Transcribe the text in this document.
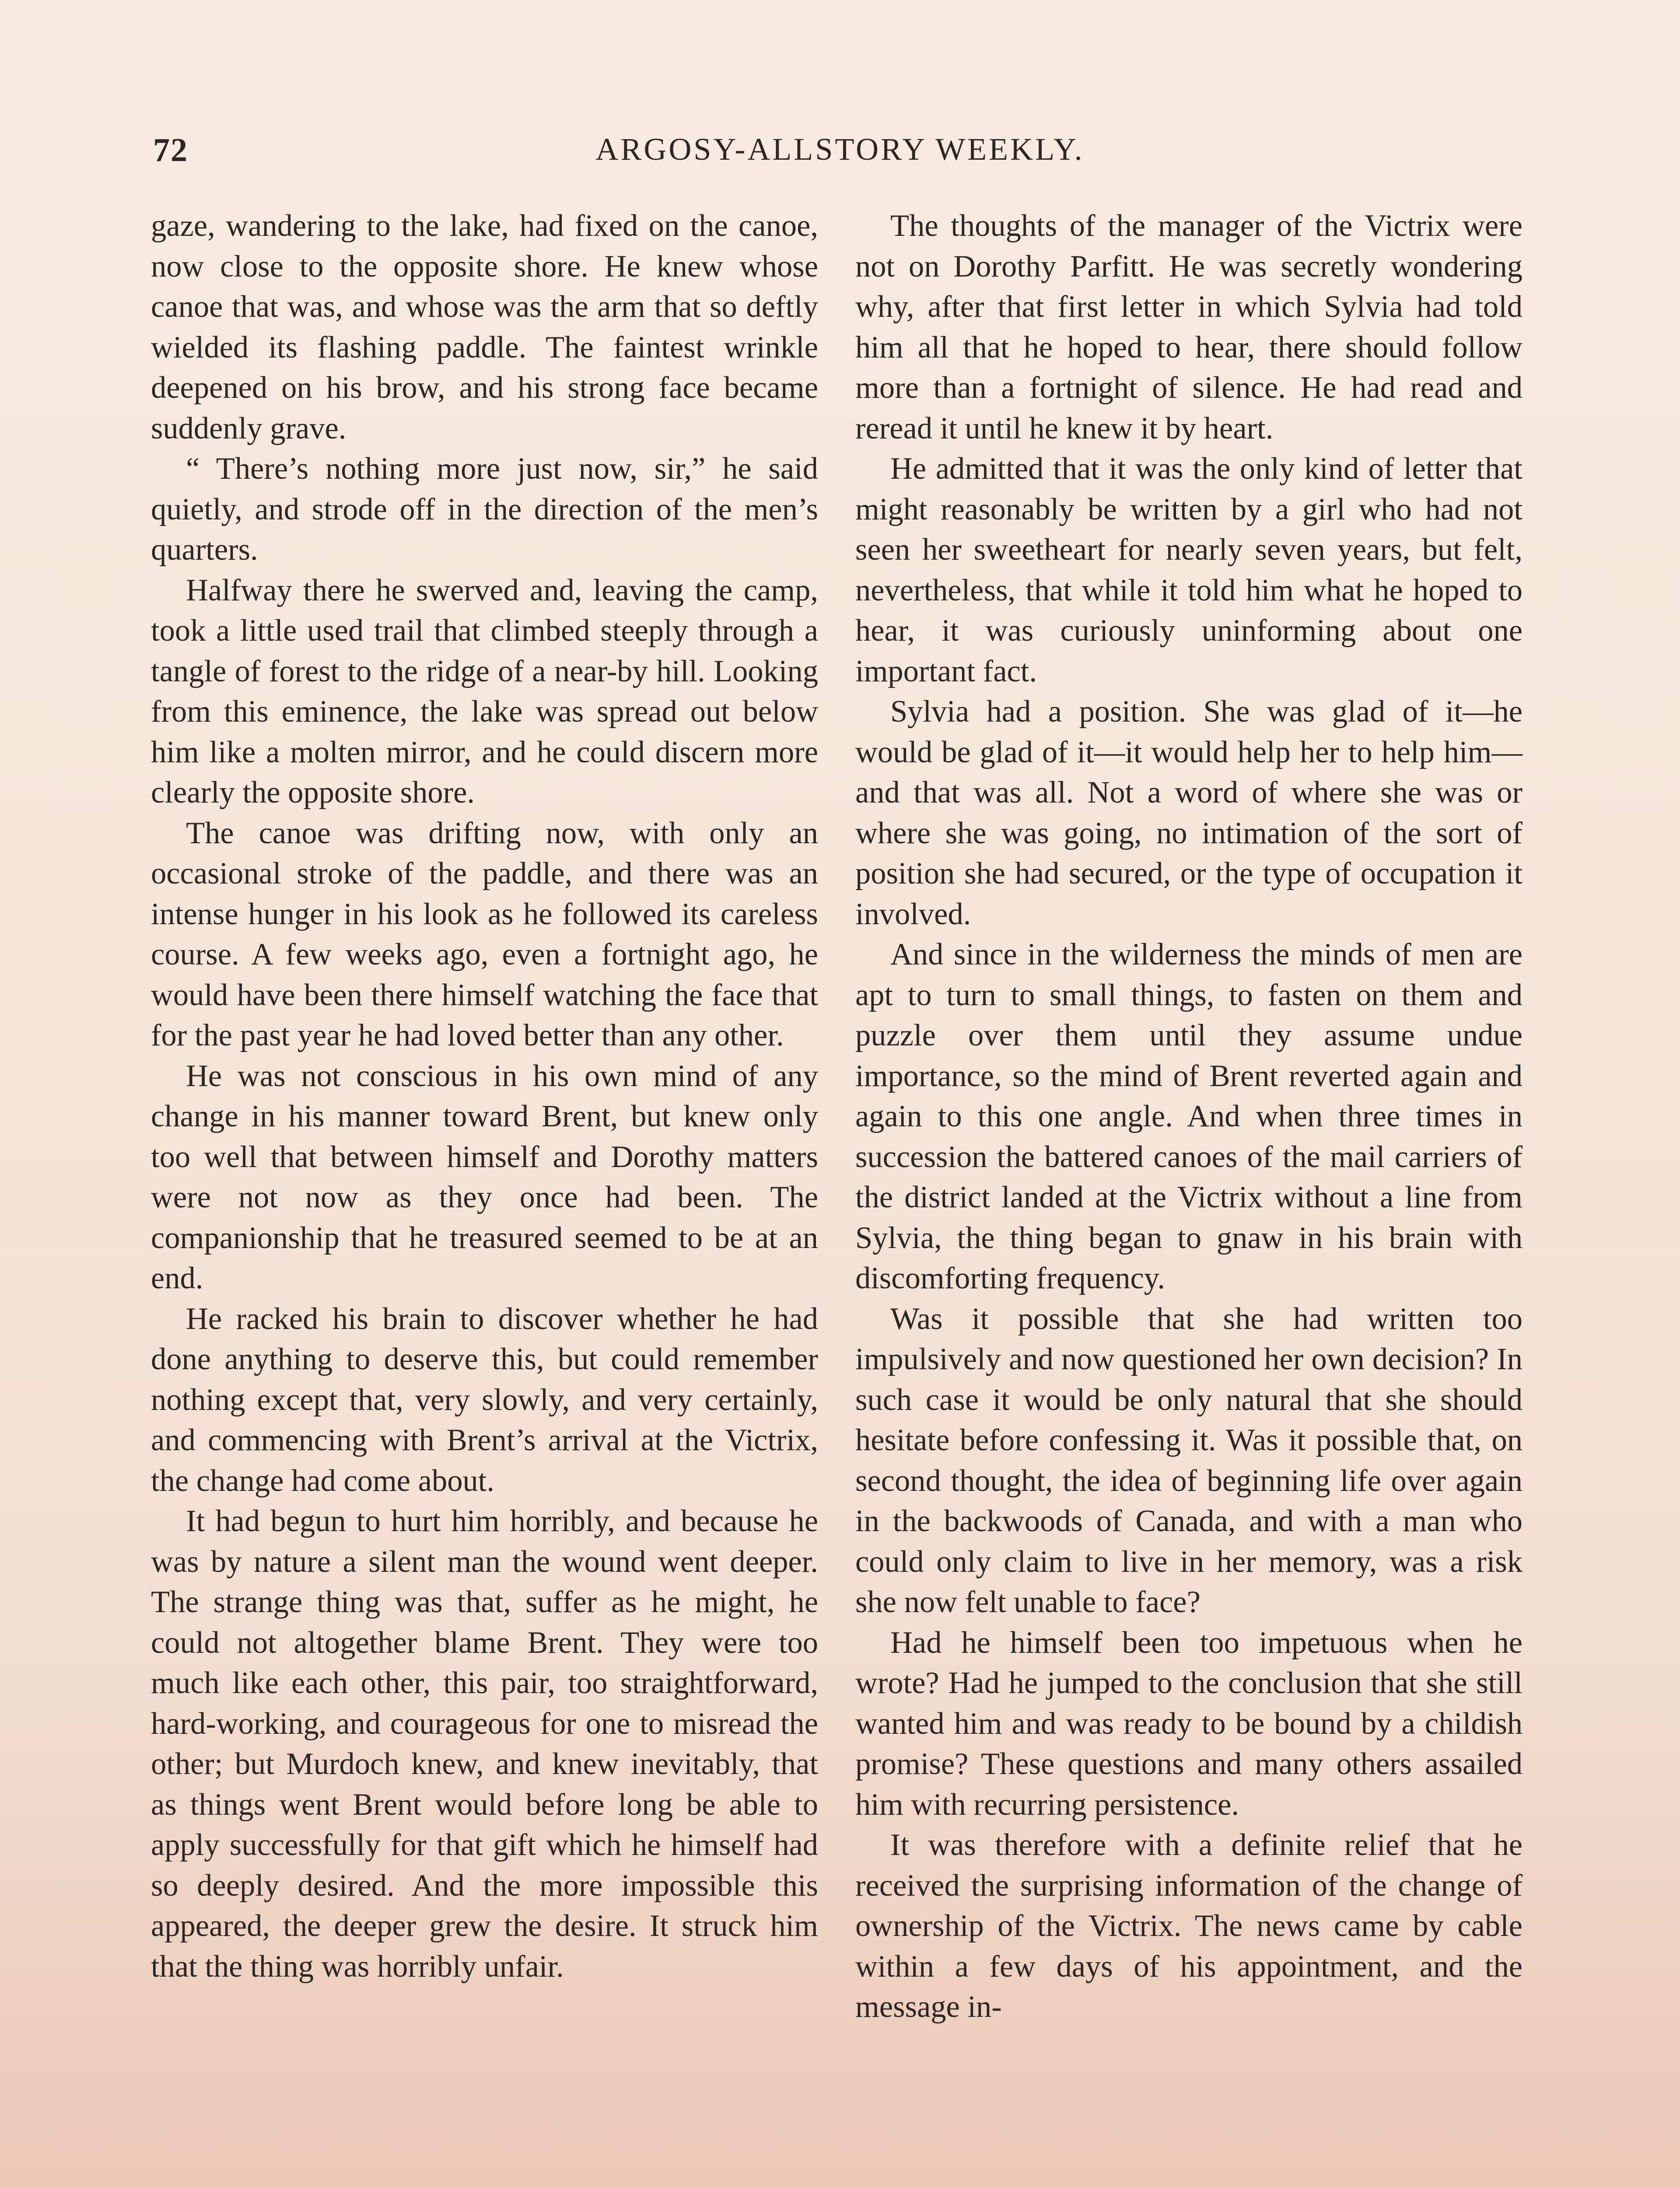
72	ARGOSY-ALLSTORY WEEKLY.

gaze, wandering to the lake, had fixed on the canoe, now close to the opposite shore. He knew whose canoe that was, and whose was the arm that so deftly wielded its flashing paddle. The faintest wrinkle deepened on his brow, and his strong face became suddenly grave.

“ There’s nothing more just now, sir,” he said quietly, and strode off in the direction of the men’s quarters.

Halfway there he swerved and, leaving the camp, took a little used trail that climbed steeply through a tangle of forest to the ridge of a near-by hill. Looking from this eminence, the lake was spread out below him like a molten mirror, and he could discern more clearly the opposite shore.

The canoe was drifting now, with only an occasional stroke of the paddle, and there was an intense hunger in his look as he followed its careless course. A few weeks ago, even a fortnight ago, he would have been there himself watching the face that for the past year he had loved better than any other.

He was not conscious in his own mind of any change in his manner toward Brent, but knew only too well that between himself and Dorothy matters were not now as they once had been. The companionship that he treasured seemed to be at an end.

He racked his brain to discover whether he had done anything to deserve this, but could remember nothing except that, very slowly, and very certainly, and commencing with Brent’s arrival at the Victrix, the change had come about.

It had begun to hurt him horribly, and because he was by nature a silent man the wound went deeper. The strange thing was that, suffer as he might, he could not altogether blame Brent. They were too much like each other, this pair, too straightforward, hard-working, and courageous for one to misread the other; but Murdoch knew, and knew inevitably, that as things went Brent would before long be able to apply successfully for that gift which he himself had so deeply desired. And the more impossible this appeared, the deeper grew the desire. It struck him that the thing was horribly unfair.

The thoughts of the manager of the Victrix were not on Dorothy Parfitt. He was secretly wondering why, after that first letter in which Sylvia had told him all that he hoped to hear, there should follow more than a fortnight of silence. He had read and reread it until he knew it by heart.

He admitted that it was the only kind of letter that might reasonably be written by a girl who had not seen her sweetheart for nearly seven years, but felt, nevertheless, that while it told him what he hoped to hear, it was curiously uninforming about one important fact.

Sylvia had a position. She was glad of it—he would be glad of it—it would help her to help him—and that was all. Not a word of where she was or where she was going, no intimation of the sort of position she had secured, or the type of occupation it involved.

And since in the wilderness the minds of men are apt to turn to small things, to fasten on them and puzzle over them until they assume undue importance, so the mind of Brent reverted again and again to this one angle. And when three times in succession the battered canoes of the mail carriers of the district landed at the Victrix without a line from Sylvia, the thing began to gnaw in his brain with discomforting frequency.

Was it possible that she had written too impulsively and now questioned her own decision? In such case it would be only natural that she should hesitate before confessing it. Was it possible that, on second thought, the idea of beginning life over again in the backwoods of Canada, and with a man who could only claim to live in her memory, was a risk she now felt unable to face?

Had he himself been too impetuous when he wrote? Had he jumped to the conclusion that she still wanted him and was ready to be bound by a childish promise? These questions and many others assailed him with recurring persistence.

It was therefore with a definite relief that he received the surprising information of the change of ownership of the Victrix. The news came by cable within a few days of his appointment, and the message in-
